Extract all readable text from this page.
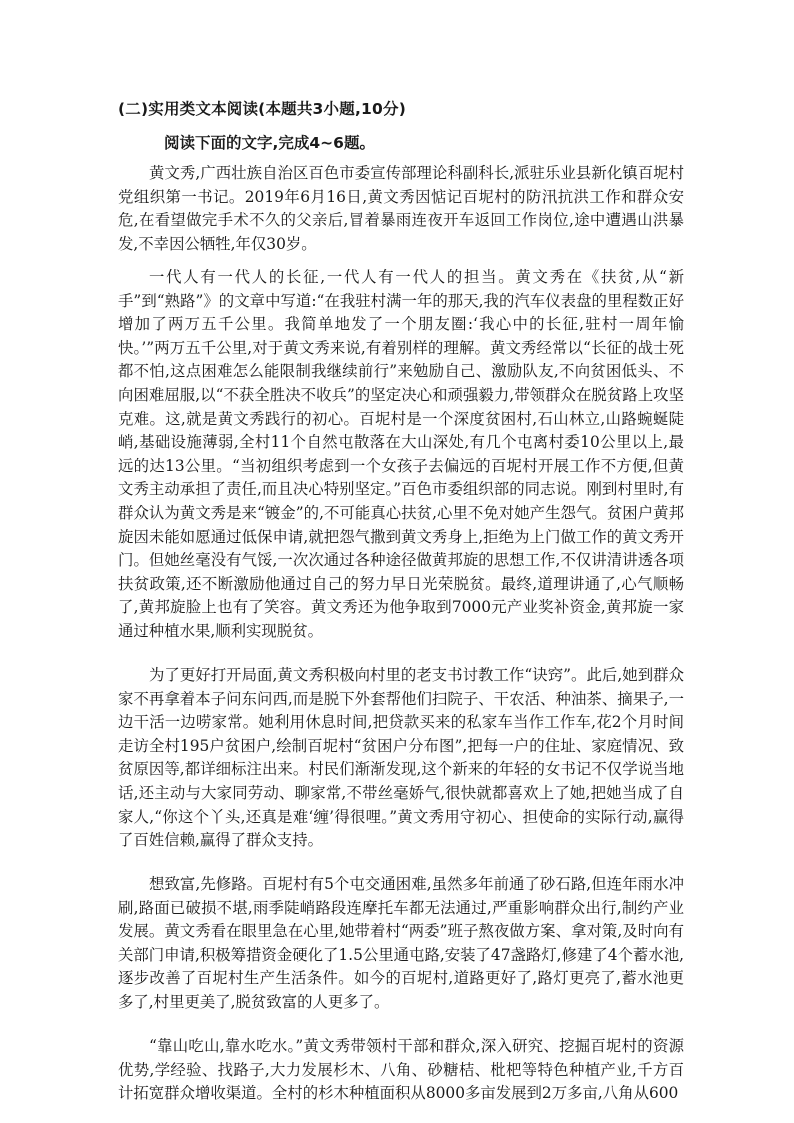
(二)实用类文本阅读(本题共3小题,10分)
阅读下面的文字,完成4~6题。

黄文秀,广西壮族自治区百色市委宣传部理论科副科长,派驻乐业县新化镇百坭村党组织第一书记。2019年6月16日,黄文秀因惦记百坭村的防汛抗洪工作和群众安危,在看望做完手术不久的父亲后,冒着暴雨连夜开车返回工作岗位,途中遭遇山洪暴发,不幸因公牺牲,年仅30岁。

一代人有一代人的长征,一代人有一代人的担当。黄文秀在《扶贫,从“新手”到“熟路”》的文章中写道:“在我驻村满一年的那天,我的汽车仪表盘的里程数正好增加了两万五千公里。我简单地发了一个朋友圈:‘我心中的长征,驻村一周年愉快。’”两万五千公里,对于黄文秀来说,有着别样的理解。黄文秀经常以“长征的战士死都不怕,这点困难怎么能限制我继续前行”来勉励自己、激励队友,不向贫困低头、不向困难屈服,以“不获全胜决不收兵”的坚定决心和顽强毅力,带领群众在脱贫路上攻坚克难。这,就是黄文秀践行的初心。百坭村是一个深度贫困村,石山林立,山路蜿蜒陡峭,基础设施薄弱,全村11个自然屯散落在大山深处,有几个屯离村委10公里以上,最远的达13公里。“当初组织考虑到一个女孩子去偏远的百坭村开展工作不方便,但黄文秀主动承担了责任,而且决心特别坚定。”百色市委组织部的同志说。刚到村里时,有群众认为黄文秀是来“镀金”的,不可能真心扶贫,心里不免对她产生怨气。贫困户黄邦旋因未能如愿通过低保申请,就把怨气撒到黄文秀身上,拒绝为上门做工作的黄文秀开门。但她丝毫没有气馁,一次次通过各种途径做黄邦旋的思想工作,不仅讲清讲透各项扶贫政策,还不断激励他通过自己的努力早日光荣脱贫。最终,道理讲通了,心气顺畅了,黄邦旋脸上也有了笑容。黄文秀还为他争取到7000元产业奖补资金,黄邦旋一家通过种植水果,顺利实现脱贫。

为了更好打开局面,黄文秀积极向村里的老支书讨教工作“诀窍”。此后,她到群众家不再拿着本子问东问西,而是脱下外套帮他们扫院子、干农活、种油茶、摘果子,一边干活一边唠家常。她利用休息时间,把贷款买来的私家车当作工作车,花2个月时间走访全村195户贫困户,绘制百坭村“贫困户分布图”,把每一户的住址、家庭情况、致贫原因等,都详细标注出来。村民们渐渐发现,这个新来的年轻的女书记不仅学说当地话,还主动与大家同劳动、聊家常,不带丝毫娇气,很快就都喜欢上了她,把她当成了自家人,“你这个丫头,还真是难‘缠’得很哩。”黄文秀用守初心、担使命的实际行动,赢得了百姓信赖,赢得了群众支持。

想致富,先修路。百坭村有5个屯交通困难,虽然多年前通了砂石路,但连年雨水冲刷,路面已破损不堪,雨季陡峭路段连摩托车都无法通过,严重影响群众出行,制约产业发展。黄文秀看在眼里急在心里,她带着村“两委”班子熬夜做方案、拿对策,及时向有关部门申请,积极筹措资金硬化了1.5公里通屯路,安装了47盏路灯,修建了4个蓄水池,逐步改善了百坭村生产生活条件。如今的百坭村,道路更好了,路灯更亮了,蓄水池更多了,村里更美了,脱贫致富的人更多了。

“靠山吃山,靠水吃水。”黄文秀带领村干部和群众,深入研究、挖掘百坭村的资源优势,学经验、找路子,大力发展杉木、八角、砂糖桔、枇杷等特色种植产业,千方百计拓宽群众增收渠道。全村的杉木种植面积从8000多亩发展到2万多亩,八角从600
